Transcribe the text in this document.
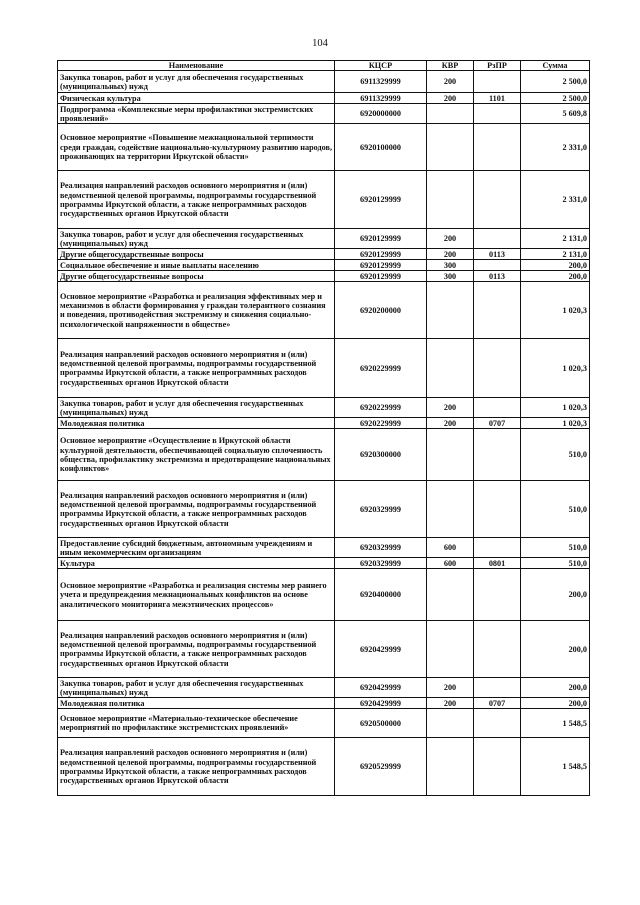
104
Наименование	КЦСР	КВР	РзПР	Сумма
Закупка товаров, работ и услуг для обеспечения государственных (муниципальных) нужд	6911329999	200		2 500,0
Физическая культура	6911329999	200	1101	2 500,0
Подпрограмма «Комплексные меры профилактики экстремистских проявлений»	6920000000			5 609,8
Основное мероприятие «Повышение межнациональной терпимости среди граждан, содействие национально-культурному развитию народов, проживающих на территории Иркутской области»	6920100000			2 331,0
Реализация направлений расходов основного мероприятия и (или) ведомственной целевой программы, подпрограммы государственной программы Иркутской области, а также непрограммных расходов государственных органов Иркутской области	6920129999			2 331,0
Закупка товаров, работ и услуг для обеспечения государственных (муниципальных) нужд	6920129999	200		2 131,0
Другие общегосударственные вопросы	6920129999	200	0113	2 131,0
Социальное обеспечение и иные выплаты населению	6920129999	300		200,0
Другие общегосударственные вопросы	6920129999	300	0113	200,0
Основное мероприятие «Разработка и реализация эффективных мер и механизмов в области формирования у граждан толерантного сознания и поведения, противодействия экстремизму и снижения социально-психологической напряженности в обществе»	6920200000			1 020,3
Реализация направлений расходов основного мероприятия и (или) ведомственной целевой программы, подпрограммы государственной программы Иркутской области, а также непрограммных расходов государственных органов Иркутской области	6920229999			1 020,3
Закупка товаров, работ и услуг для обеспечения государственных (муниципальных) нужд	6920229999	200		1 020,3
Молодежная политика	6920229999	200	0707	1 020,3
Основное мероприятие «Осуществление в Иркутской области культурной деятельности, обеспечивающей социальную сплоченность общества, профилактику экстремизма и предотвращение национальных конфликтов»	6920300000			510,0
Реализация направлений расходов основного мероприятия и (или) ведомственной целевой программы, подпрограммы государственной программы Иркутской области, а также непрограммных расходов государственных органов Иркутской области	6920329999			510,0
Предоставление субсидий бюджетным, автономным учреждениям и иным некоммерческим организациям	6920329999	600		510,0
Культура	6920329999	600	0801	510,0
Основное мероприятие «Разработка и реализация системы мер раннего учета и предупреждения межнациональных конфликтов на основе аналитического мониторинга межэтнических процессов»	6920400000			200,0
Реализация направлений расходов основного мероприятия и (или) ведомственной целевой программы, подпрограммы государственной программы Иркутской области, а также непрограммных расходов государственных органов Иркутской области	6920429999			200,0
Закупка товаров, работ и услуг для обеспечения государственных (муниципальных) нужд	6920429999	200		200,0
Молодежная политика	6920429999	200	0707	200,0
Основное мероприятие «Материально-техническое обеспечение мероприятий по профилактике экстремистских проявлений»	6920500000			1 548,5
Реализация направлений расходов основного мероприятия и (или) ведомственной целевой программы, подпрограммы государственной программы Иркутской области, а также непрограммных расходов государственных органов Иркутской области	6920529999			1 548,5
